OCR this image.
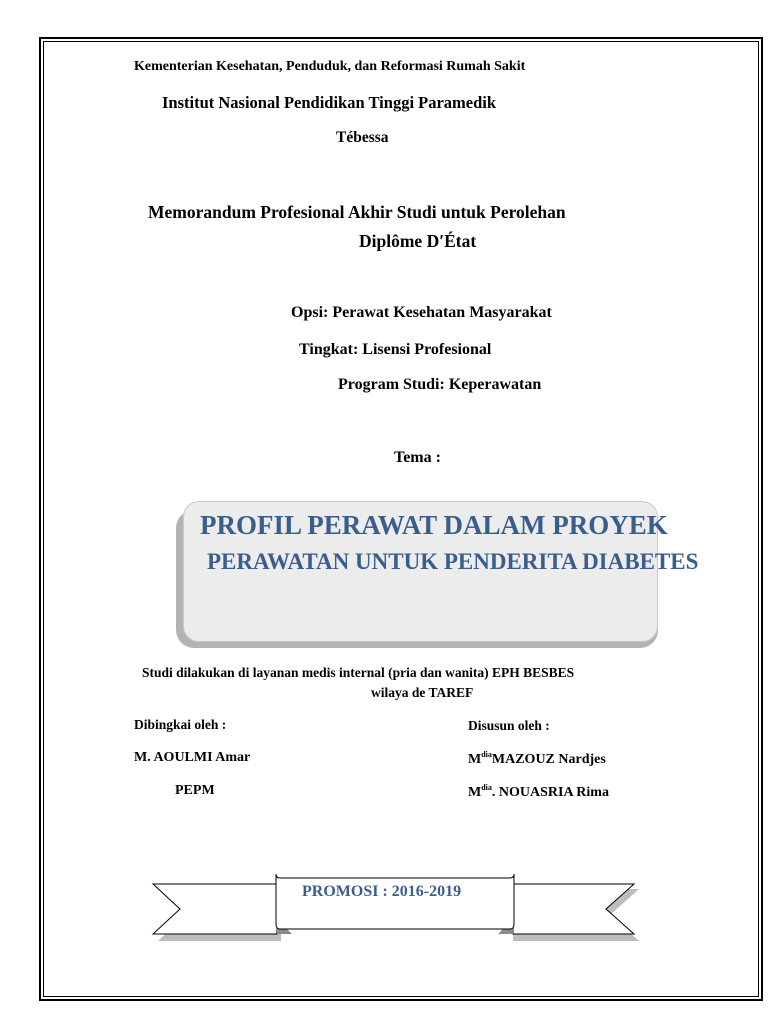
Kementerian Kesehatan, Penduduk, dan Reformasi Rumah Sakit
Institut Nasional Pendidikan Tinggi Paramedik
Tébessa
Memorandum Profesional Akhir Studi untuk Perolehan
Diplôme D′État
Opsi: Perawat Kesehatan Masyarakat
Tingkat: Lisensi Profesional
Program Studi: Keperawatan
Tema :
PROFIL PERAWAT DALAM PROYEK
PERAWATAN UNTUK PENDERITA DIABETES
Studi dilakukan di layanan medis internal (pria dan wanita) EPH BESBES
wilaya de TAREF
Dibingkai oleh :
M. AOULMI Amar
PEPM
Disusun oleh :
$M^{dia}MAZOUZ$ Nardjes
$M^{dia}$. NOUASRIA Rima
PROMOSI : 2016-2019
